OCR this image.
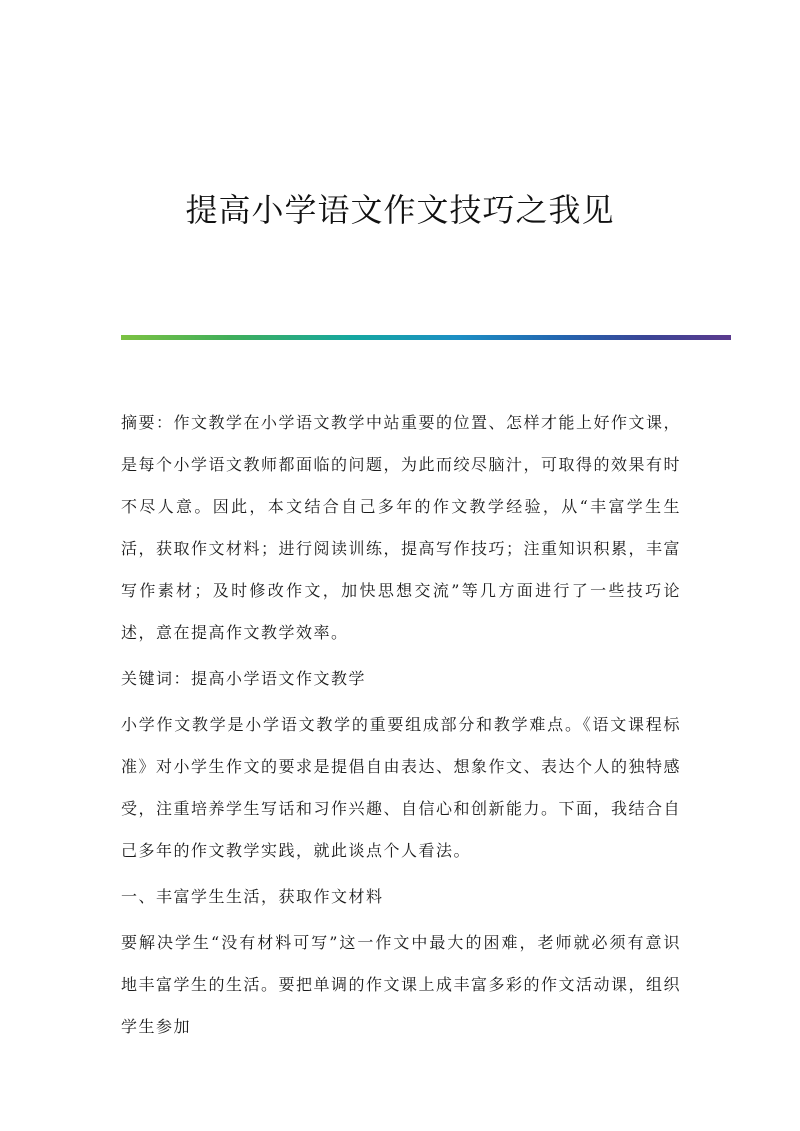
提高小学语文作文技巧之我见

摘要：作文教学在小学语文教学中站重要的位置、怎样才能上好作文课，是每个小学语文教师都面临的问题，为此而绞尽脑汁，可取得的效果有时不尽人意。因此，本文结合自己多年的作文教学经验，从“丰富学生生活，获取作文材料；进行阅读训练，提高写作技巧；注重知识积累，丰富写作素材；及时修改作文，加快思想交流”等几方面进行了一些技巧论述，意在提高作文教学效率。

关键词：提高小学语文作文教学

小学作文教学是小学语文教学的重要组成部分和教学难点。《语文课程标准》对小学生作文的要求是提倡自由表达、想象作文、表达个人的独特感受，注重培养学生写话和习作兴趣、自信心和创新能力。下面，我结合自己多年的作文教学实践，就此谈点个人看法。

一、丰富学生生活，获取作文材料

要解决学生“没有材料可写”这一作文中最大的困难，老师就必须有意识地丰富学生的生活。要把单调的作文课上成丰富多彩的作文活动课，组织学生参加
